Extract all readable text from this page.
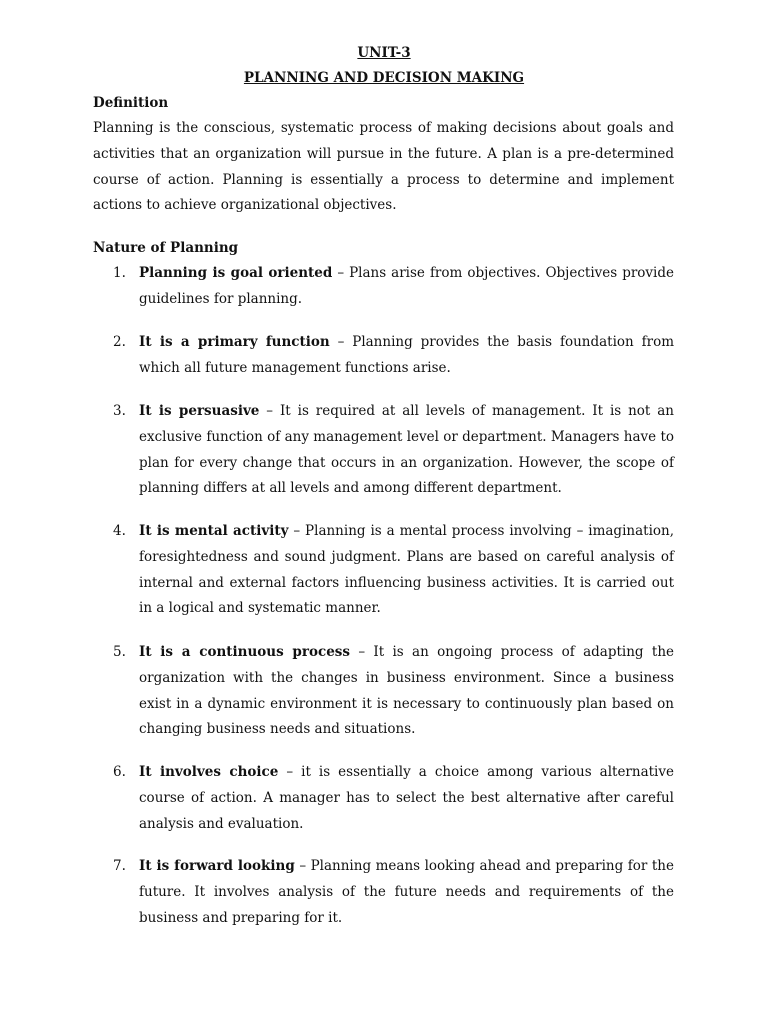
UNIT-3
PLANNING AND DECISION MAKING
Definition

Planning is the conscious, systematic process of making decisions about goals and activities that an organization will pursue in the future. A plan is a pre-determined course of action. Planning is essentially a process to determine and implement actions to achieve organizational objectives.

Nature of Planning
1. Planning is goal oriented – Plans arise from objectives. Objectives provide guidelines for planning.

2. It is a primary function – Planning provides the basis foundation from which all future management functions arise.

3. It is persuasive – It is required at all levels of management. It is not an exclusive function of any management level or department. Managers have to plan for every change that occurs in an organization. However, the scope of planning differs at all levels and among different department.

4. It is mental activity – Planning is a mental process involving – imagination, foresightedness and sound judgment. Plans are based on careful analysis of internal and external factors influencing business activities. It is carried out in a logical and systematic manner.

5. It is a continuous process – It is an ongoing process of adapting the organization with the changes in business environment. Since a business exist in a dynamic environment it is necessary to continuously plan based on changing business needs and situations.

6. It involves choice – it is essentially a choice among various alternative course of action. A manager has to select the best alternative after careful analysis and evaluation.

7. It is forward looking – Planning means looking ahead and preparing for the future. It involves analysis of the future needs and requirements of the business and preparing for it.
